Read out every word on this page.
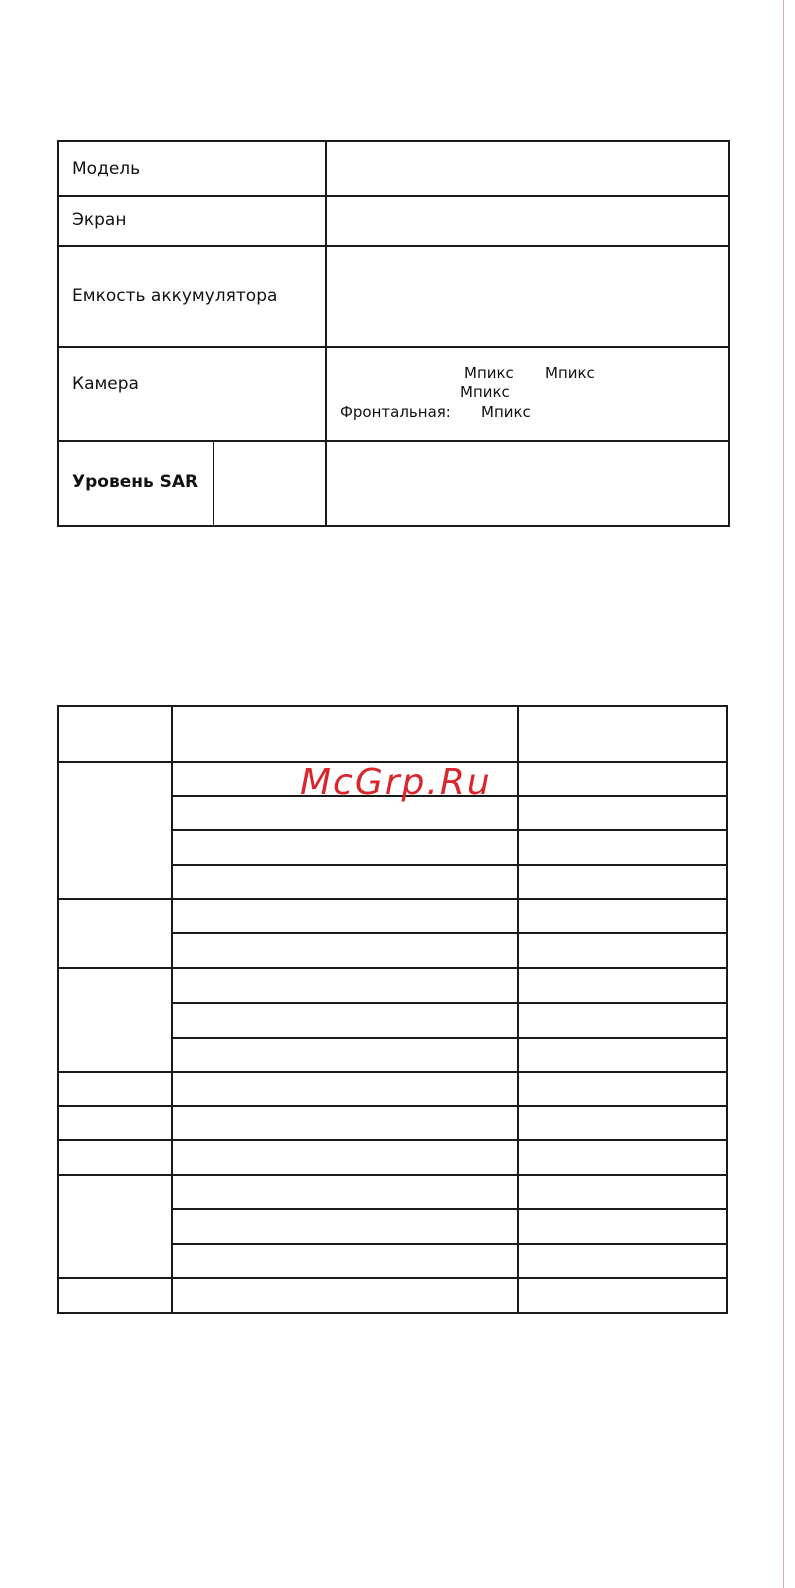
Модель
Экран
Емкость аккумулятора
Камера
Уровень SAR
Мпикс Мпикс
Мпикс
Фронтальная: Мпикс
McGrp.Ru
